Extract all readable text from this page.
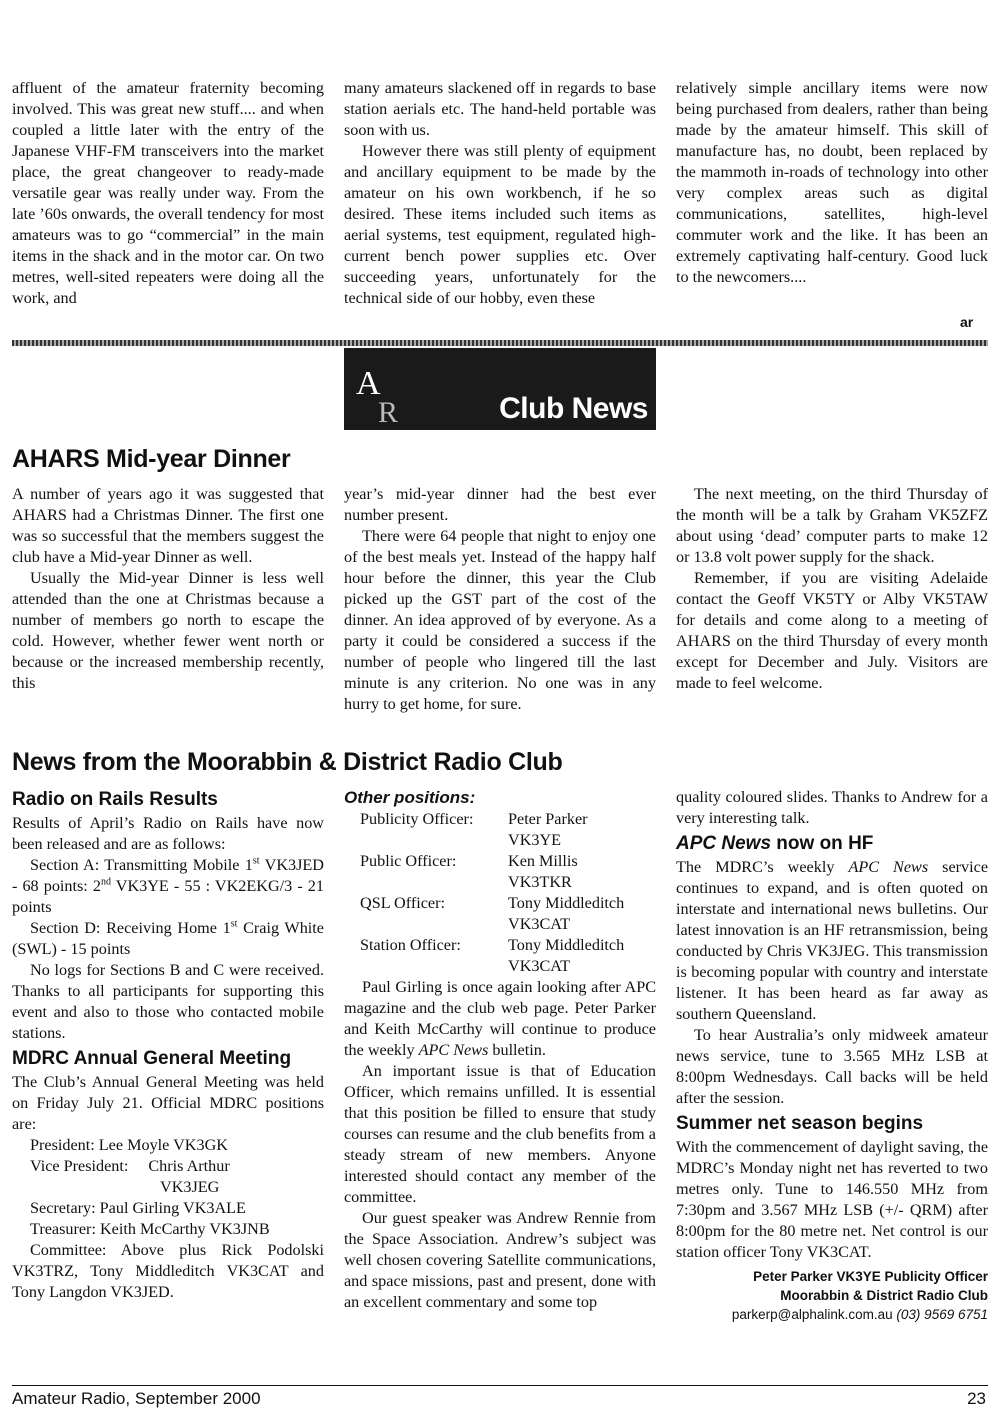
affluent of the amateur fraternity becoming involved. This was great new stuff.... and when coupled a little later with the entry of the Japanese VHF-FM transceivers into the market place, the great changeover to ready-made versatile gear was really under way. From the late ’60s onwards, the overall tendency for most amateurs was to go “commercial” in the main items in the shack and in the motor car. On two metres, well-sited repeaters were doing all the work, and

many amateurs slackened off in regards to base station aerials etc. The hand-held portable was soon with us.

However there was still plenty of equipment and ancillary equipment to be made by the amateur on his own workbench, if he so desired. These items included such items as aerial systems, test equipment, regulated high-current bench power supplies etc. Over succeeding years, unfortunately for the technical side of our hobby, even these

relatively simple ancillary items were now being purchased from dealers, rather than being made by the amateur himself. This skill of manufacture has, no doubt, been replaced by the mammoth in-roads of technology into other very complex areas such as digital communications, satellites, high-level commuter work and the like. It has been an extremely captivating half-century. Good luck to the newcomers....

ar
A
R	Club News
AHARS Mid-year Dinner

A number of years ago it was suggested that AHARS had a Christmas Dinner. The first one was so successful that the members suggest the club have a Mid-year Dinner as well.

Usually the Mid-year Dinner is less well attended than the one at Christmas because a number of members go north to escape the cold. However, whether fewer went north or because or the increased membership recently, this

year’s mid-year dinner had the best ever number present.

There were 64 people that night to enjoy one of the best meals yet. Instead of the happy half hour before the dinner, this year the Club picked up the GST part of the cost of the dinner. An idea approved of by everyone. As a party it could be considered a success if the number of people who lingered till the last minute is any criterion. No one was in any hurry to get home, for sure.

The next meeting, on the third Thursday of the month will be a talk by Graham VK5ZFZ about using ‘dead’ computer parts to make 12 or 13.8 volt power supply for the shack.

Remember, if you are visiting Adelaide contact the Geoff VK5TY or Alby VK5TAW for details and come along to a meeting of AHARS on the third Thursday of every month except for December and July. Visitors are made to feel welcome.

News from the Moorabbin & District Radio Club
Radio on Rails Results

Results of April’s Radio on Rails have now been released and are as follows:

Section A: Transmitting Mobile 1st VK3JED - 68 points: 2nd VK3YE - 55 : VK2EKG/3 - 21 points

Section D: Receiving Home 1st Craig White (SWL) - 15 points

No logs for Sections B and C were received. Thanks to all participants for supporting this event and also to those who contacted mobile stations.

MDRC Annual General Meeting

The Club’s Annual General Meeting was held on Friday July 21. Official MDRC positions are:

President: Lee Moyle VK3GK

Vice President: Chris Arthur
VK3JEG

Secretary: Paul Girling VK3ALE

Treasurer: Keith McCarthy VK3JNB

Committee: Above plus Rick Podolski VK3TRZ, Tony Middleditch VK3CAT and Tony Langdon VK3JED.

Other positions:
Publicity Officer:	Peter Parker
	VK3YE
Public Officer:	Ken Millis
	VK3TKR
QSL Officer:	Tony Middleditch
	VK3CAT
Station Officer:	Tony Middleditch
	VK3CAT

Paul Girling is once again looking after APC magazine and the club web page. Peter Parker and Keith McCarthy will continue to produce the weekly APC News bulletin.

An important issue is that of Education Officer, which remains unfilled. It is essential that this position be filled to ensure that study courses can resume and the club benefits from a steady stream of new members. Anyone interested should contact any member of the committee.

Our guest speaker was Andrew Rennie from the Space Association. Andrew’s subject was well chosen covering Satellite communications, and space missions, past and present, done with an excellent commentary and some top

quality coloured slides. Thanks to Andrew for a very interesting talk.

APC News now on HF

The MDRC’s weekly APC News service continues to expand, and is often quoted on interstate and international news bulletins. Our latest innovation is an HF retransmission, being conducted by Chris VK3JEG. This transmission is becoming popular with country and interstate listener. It has been heard as far away as southern Queensland.

To hear Australia’s only midweek amateur news service, tune to 3.565 MHz LSB at 8:00pm Wednesdays. Call backs will be held after the session.

Summer net season begins

With the commencement of daylight saving, the MDRC’s Monday night net has reverted to two metres only. Tune to 146.550 MHz from 7:30pm and 3.567 MHz LSB (+/- QRM) after 8:00pm for the 80 metre net. Net control is our station officer Tony VK3CAT.

Peter Parker VK3YE Publicity Officer
Moorabbin & District Radio Club
parkerp@alphalink.com.au (03) 9569 6751
Amateur Radio, September 2000	23
